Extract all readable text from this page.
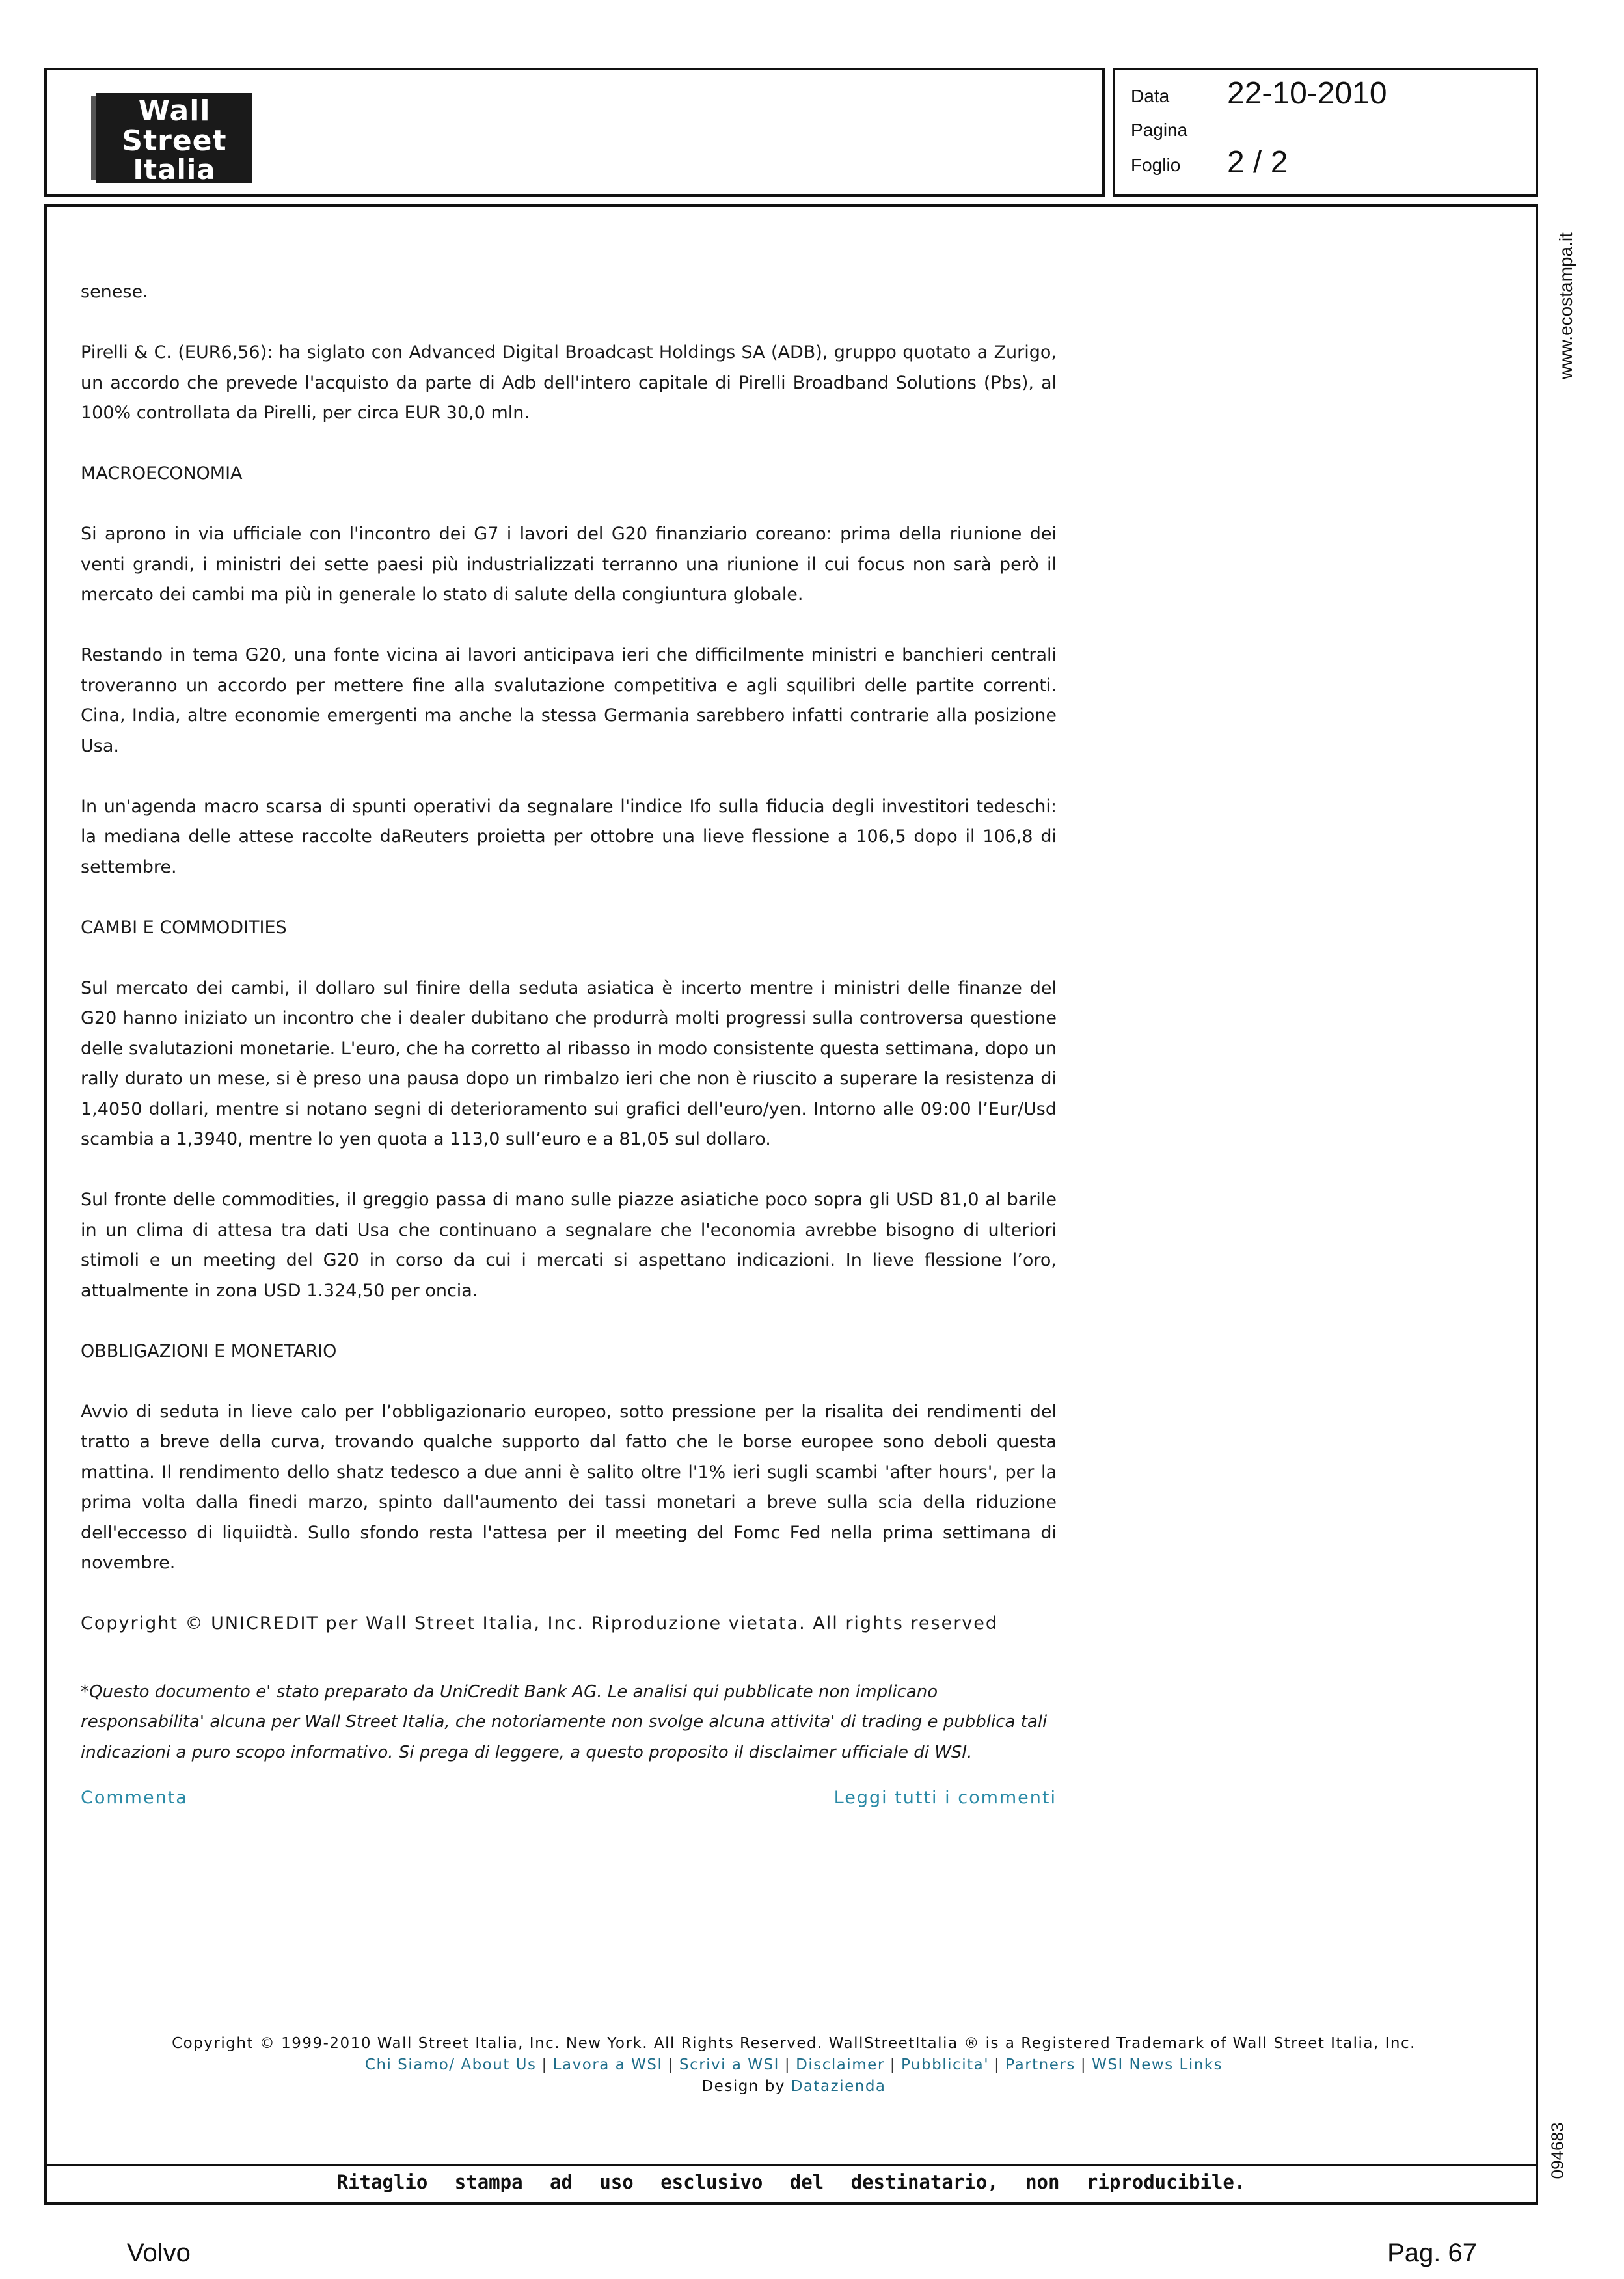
Wall
Street
Italia
Data 22-10-2010
Pagina
Foglio 2 / 2
www.ecostampa.it
094683

senese.

Pirelli & C. (EUR6,56): ha siglato con Advanced Digital Broadcast Holdings SA (ADB), gruppo quotato a Zurigo, un accordo che prevede l'acquisto da parte di Adb dell'intero capitale di Pirelli Broadband Solutions (Pbs), al 100% controllata da Pirelli, per circa EUR 30,0 mln.

MACROECONOMIA

Si aprono in via ufficiale con l'incontro dei G7 i lavori del G20 finanziario coreano: prima della riunione dei venti grandi, i ministri dei sette paesi più industrializzati terranno una riunione il cui focus non sarà però il mercato dei cambi ma più in generale lo stato di salute della congiuntura globale.

Restando in tema G20, una fonte vicina ai lavori anticipava ieri che difficilmente ministri e banchieri centrali troveranno un accordo per mettere fine alla svalutazione competitiva e agli squilibri delle partite correnti. Cina, India, altre economie emergenti ma anche la stessa Germania sarebbero infatti contrarie alla posizione Usa.

In un'agenda macro scarsa di spunti operativi da segnalare l'indice Ifo sulla fiducia degli investitori tedeschi: la mediana delle attese raccolte daReuters proietta per ottobre una lieve flessione a 106,5 dopo il 106,8 di settembre.

CAMBI E COMMODITIES

Sul mercato dei cambi, il dollaro sul finire della seduta asiatica è incerto mentre i ministri delle finanze del G20 hanno iniziato un incontro che i dealer dubitano che produrrà molti progressi sulla controversa questione delle svalutazioni monetarie. L'euro, che ha corretto al ribasso in modo consistente questa settimana, dopo un rally durato un mese, si è preso una pausa dopo un rimbalzo ieri che non è riuscito a superare la resistenza di 1,4050 dollari, mentre si notano segni di deterioramento sui grafici dell'euro/yen. Intorno alle 09:00 l’Eur/Usd scambia a 1,3940, mentre lo yen quota a 113,0 sull’euro e a 81,05 sul dollaro.

Sul fronte delle commodities, il greggio passa di mano sulle piazze asiatiche poco sopra gli USD 81,0 al barile in un clima di attesa tra dati Usa che continuano a segnalare che l'economia avrebbe bisogno di ulteriori stimoli e un meeting del G20 in corso da cui i mercati si aspettano indicazioni. In lieve flessione l’oro, attualmente in zona USD 1.324,50 per oncia.

OBBLIGAZIONI E MONETARIO

Avvio di seduta in lieve calo per l’obbligazionario europeo, sotto pressione per la risalita dei rendimenti del tratto a breve della curva, trovando qualche supporto dal fatto che le borse europee sono deboli questa mattina. Il rendimento dello shatz tedesco a due anni è salito oltre l'1% ieri sugli scambi 'after hours', per la prima volta dalla finedi marzo, spinto dall'aumento dei tassi monetari a breve sulla scia della riduzione dell'eccesso di liquiidtà. Sullo sfondo resta l'attesa per il meeting del Fomc Fed nella prima settimana di novembre.

Copyright © UNICREDIT per Wall Street Italia, Inc. Riproduzione vietata. All rights reserved

*Questo documento e' stato preparato da UniCredit Bank AG. Le analisi qui pubblicate non implicano responsabilita' alcuna per Wall Street Italia, che notoriamente non svolge alcuna attivita' di trading e pubblica tali indicazioni a puro scopo informativo. Si prega di leggere, a questo proposito il disclaimer ufficiale di WSI.

Commenta	Leggi tutti i commenti
Copyright © 1999-2010 Wall Street Italia, Inc. New York. All Rights Reserved. WallStreetItalia ® is a Registered Trademark of Wall Street Italia, Inc.
Chi Siamo/ About Us | Lavora a WSI | Scrivi a WSI | Disclaimer | Pubblicita' | Partners | WSI News Links
Design by Datazienda
Ritaglio stampa ad uso esclusivo del destinatario, non riproducibile.
Volvo	Pag. 67
